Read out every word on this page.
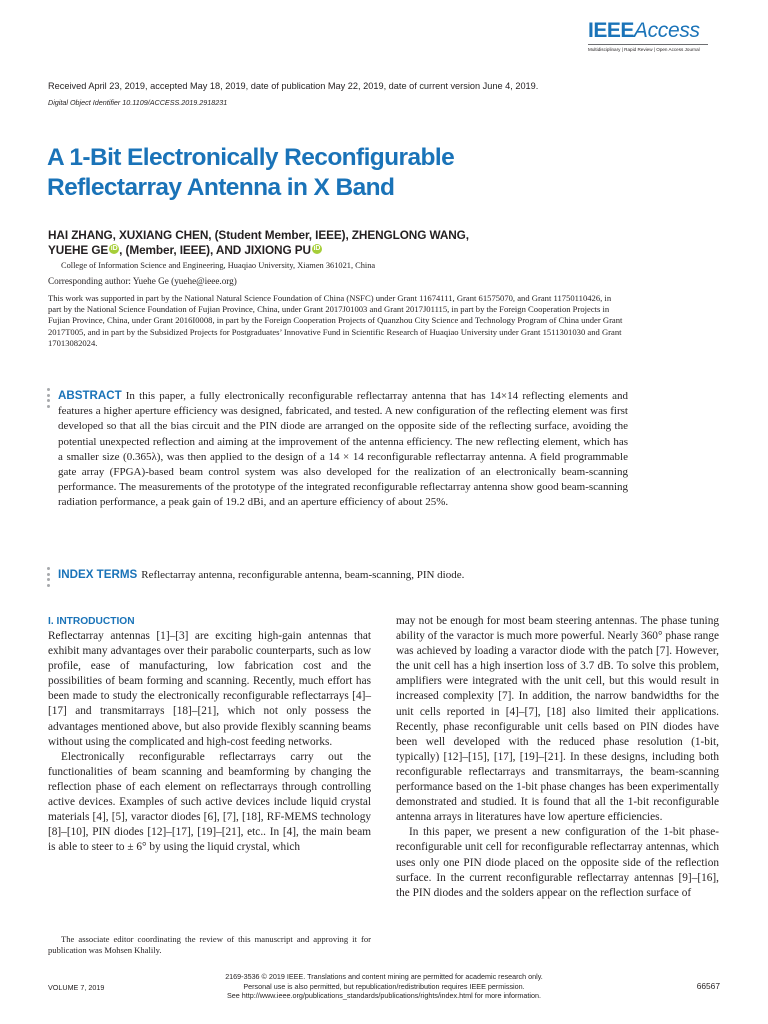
IEEEAccess
Multidisciplinary | Rapid Review | Open Access Journal
Received April 23, 2019, accepted May 18, 2019, date of publication May 22, 2019, date of current version June 4, 2019.
Digital Object Identifier 10.1109/ACCESS.2019.2918231
A 1-Bit Electronically Reconfigurable
Reflectarray Antenna in X Band
HAI ZHANG, XUXIANG CHEN, (Student Member, IEEE), ZHENGLONG WANG,
YUEHE GE iD , (Member, IEEE), AND JIXIONG PU iD
College of Information Science and Engineering, Huaqiao University, Xiamen 361021, China
Corresponding author: Yuehe Ge (yuehe@ieee.org)
This work was supported in part by the National Natural Science Foundation of China (NSFC) under Grant 11674111, Grant 61575070, and Grant 11750110426, in part by the National Science Foundation of Fujian Province, China, under Grant 2017J01003 and Grant 2017J01115, in part by the Foreign Cooperation Projects in Fujian Province, China, under Grant 2016I0008, in part by the Foreign Cooperation Projects of Quanzhou City Science and Technology Program of China under Grant 2017T005, and in part by the Subsidized Projects for Postgraduates’ Innovative Fund in Scientific Research of Huaqiao University under Grant 1511301030 and Grant 17013082024.
ABSTRACT In this paper, a fully electronically reconfigurable reflectarray antenna that has 14×14 reflecting elements and features a higher aperture efficiency was designed, fabricated, and tested. A new configuration of the reflecting element was first developed so that all the bias circuit and the PIN diode are arranged on the opposite side of the reflecting surface, avoiding the potential unexpected reflection and aiming at the improvement of the antenna efficiency. The new reflecting element, which has a smaller size (0.365λ), was then applied to the design of a 14 × 14 reconfigurable reflectarray antenna. A field programmable gate array (FPGA)-based beam control system was also developed for the realization of an electronically beam-scanning performance. The measurements of the prototype of the integrated reconfigurable reflectarray antenna show good beam-scanning radiation performance, a peak gain of 19.2 dBi, and an aperture efficiency of about 25%.
INDEX TERMS Reflectarray antenna, reconfigurable antenna, beam-scanning, PIN diode.
I. INTRODUCTION

Reflectarray antennas [1]–[3] are exciting high-gain antennas that exhibit many advantages over their parabolic counterparts, such as low profile, ease of manufacturing, low fabrication cost and the possibilities of beam forming and scanning. Recently, much effort has been made to study the electronically reconfigurable reflectarrays [4]–[17] and transmitarrays [18]–[21], which not only possess the advantages mentioned above, but also provide flexibly scanning beams without using the complicated and high-cost feeding networks.

Electronically reconfigurable reflectarrays carry out the functionalities of beam scanning and beamforming by changing the reflection phase of each element on reflectarrays through controlling active devices. Examples of such active devices include liquid crystal materials [4], [5], varactor diodes [6], [7], [18], RF-MEMS technology [8]–[10], PIN diodes [12]–[17], [19]–[21], etc.. In [4], the main beam is able to steer to ± 6° by using the liquid crystal, which

The associate editor coordinating the review of this manuscript and approving it for publication was Mohsen Khalily.

may not be enough for most beam steering antennas. The phase tuning ability of the varactor is much more powerful. Nearly 360° phase range was achieved by loading a varactor diode with the patch [7]. However, the unit cell has a high insertion loss of 3.7 dB. To solve this problem, amplifiers were integrated with the unit cell, but this would result in increased complexity [7]. In addition, the narrow bandwidths for the unit cells reported in [4]–[7], [18] also limited their applications. Recently, phase reconfigurable unit cells based on PIN diodes have been well developed with the reduced phase resolution (1-bit, typically) [12]–[15], [17], [19]–[21]. In these designs, including both reconfigurable reflectarrays and transmitarrays, the beam-scanning performance based on the 1-bit phase changes has been experimentally demonstrated and studied. It is found that all the 1-bit reconfigurable antenna arrays in literatures have low aperture efficiencies.

In this paper, we present a new configuration of the 1-bit phase-reconfigurable unit cell for reconfigurable reflectarray antennas, which uses only one PIN diode placed on the opposite side of the reflection surface. In the current reconfigurable reflectarray antennas [9]–[16], the PIN diodes and the solders appear on the reflection surface of

VOLUME 7, 2019
2169-3536 © 2019 IEEE. Translations and content mining are permitted for academic research only.
Personal use is also permitted, but republication/redistribution requires IEEE permission.
See http://www.ieee.org/publications_standards/publications/rights/index.html for more information.
66567
